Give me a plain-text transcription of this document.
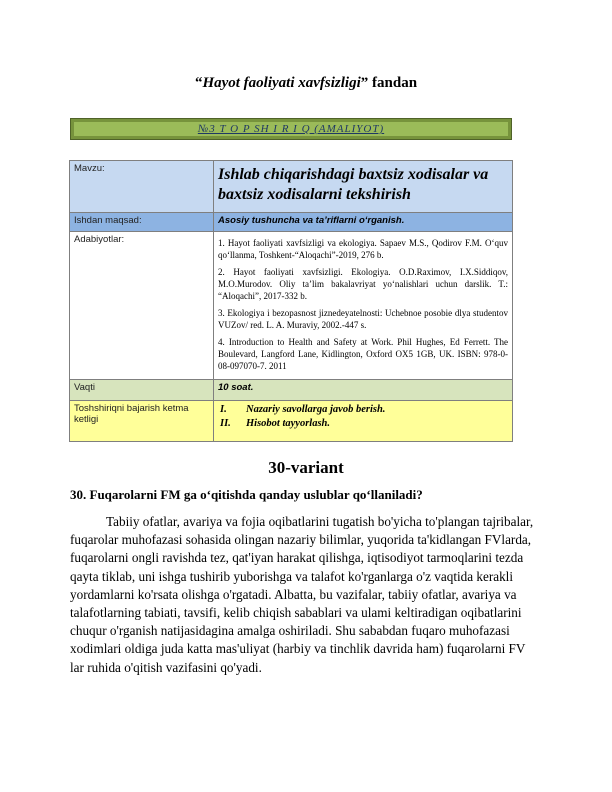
“Hayot faoliyati xavfsizligi” fandan
№3 T O P SH I R I Q (AMALIYOT)
Mavzu:	Ishlab chiqarishdagi baxtsiz xodisalar va baxtsiz xodisalarni tekshirish

Ishdan maqsad:	Asosiy tushuncha va ta’riflarni o‘rganish.
Adabiyotlar:	1. Hayot faoliyati xavfsizligi va ekologiya. Sapaev M.S., Qodirov F.M. O‘quv qo‘llanma, Toshkent-“Aloqachi”-2019, 276 b.

2. Hayot faoliyati xavfsizligi. Ekologiya. O.D.Raximov, I.X.Siddiqov, M.O.Murodov. Oliy ta’lim bakalavriyat yo‘nalishlari uchun darslik. T.: “Aloqachi”, 2017-332 b.

3. Ekologiya i bezopasnost jiznedeyatelnosti: Uchebnoe posobie dlya studentov VUZov/ red. L. A. Muraviy, 2002.-447 s.

4. Introduction to Health and Safety at Work. Phil Hughes, Ed Ferrett. The Boulevard, Langford Lane, Kidlington, Oxford OX5 1GB, UK. ISBN: 978-0-08-097070-7. 2011

Vaqti	10 soat.
Toshshiriqni bajarish ketma ketligi	I. Nazariy savollarga javob berish.
II. Hisobot tayyorlash.
30-variant
30. Fuqarolarni FM ga o‘qitishda qanday uslublar qo‘llaniladi?

Tabiiy ofatlar, avariya va fojia oqibatlarini tugatish bo'yicha to'plangan tajribalar, fuqarolar muhofazasi sohasida olingan nazariy bilimlar, yuqorida ta'kidlangan FVlarda, fuqarolarni ongli ravishda tez, qat'iyan harakat qilishga, iqtisodiyot tarmoqlarini tezda qayta tiklab, uni ishga tushirib yuborishga va talafot ko'rganlarga o'z vaqtida kerakli yordamlarni ko'rsata olishga o'rgatadi. Albatta, bu vazifalar, tabiiy ofatlar, avariya va talafotlarning tabiati, tavsifi, kelib chiqish sabablari va ulami keltiradigan oqibatlarini chuqur o'rganish natijasidagina amalga oshiriladi. Shu sababdan fuqaro muhofazasi xodimlari oldiga juda katta mas'uliyat (harbiy va tinchlik davrida ham) fuqarolarni FV lar ruhida o'qitish vazifasini qo'yadi.
